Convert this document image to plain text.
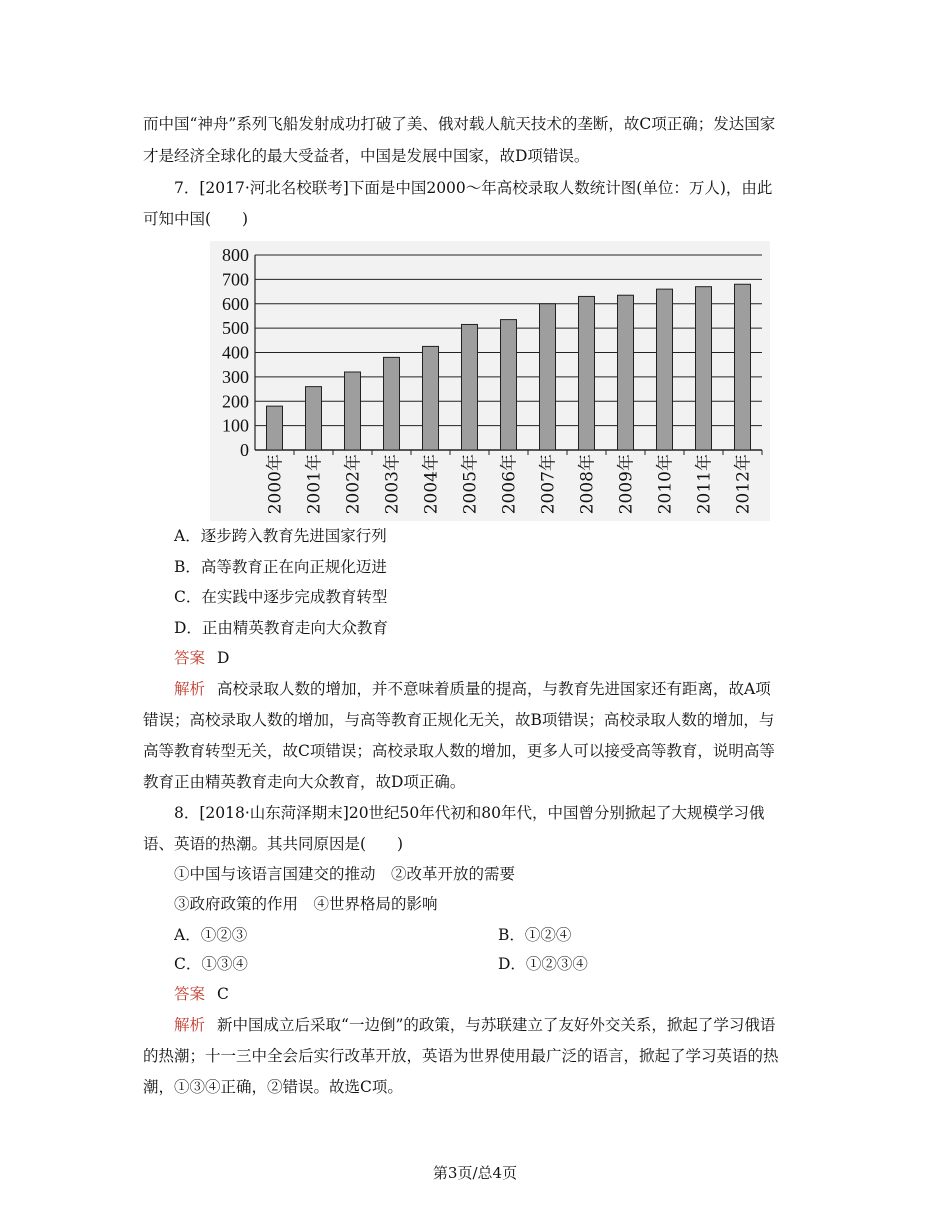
而中国“神舟”系列飞船发射成功打破了美、俄对载人航天技术的垄断，故C项正确；发达国家
才是经济全球化的最大受益者，中国是发展中国家，故D项错误。
7．[2017·河北名校联考]下面是中国2000～年高校录取人数统计图(单位：万人)，由此
可知中国(　　)
0
100
200
300
400
500
600
700
800
2000年 2001年 2002年 2003年 2004年 2005年 2006年 2007年 2008年 2009年 2010年 2011年 2012年
A．逐步跨入教育先进国家行列
B．高等教育正在向正规化迈进
C．在实践中逐步完成教育转型
D．正由精英教育走向大众教育
答案 D
解析 高校录取人数的增加，并不意味着质量的提高，与教育先进国家还有距离，故A项
错误；高校录取人数的增加，与高等教育正规化无关，故B项错误；高校录取人数的增加，与
高等教育转型无关，故C项错误；高校录取人数的增加，更多人可以接受高等教育，说明高等
教育正由精英教育走向大众教育，故D项正确。
8．[2018·山东菏泽期末]20世纪50年代初和80年代，中国曾分别掀起了大规模学习俄
语、英语的热潮。其共同原因是(　　)
①中国与该语言国建交的推动　②改革开放的需要
③政府政策的作用　④世界格局的影响
A．①②③	B．①②④
C．①③④	D．①②③④
答案 C
解析 新中国成立后采取“一边倒”的政策，与苏联建立了友好外交关系，掀起了学习俄语
的热潮；十一三中全会后实行改革开放，英语为世界使用最广泛的语言，掀起了学习英语的热
潮，①③④正确，②错误。故选C项。
第3页/总4页
